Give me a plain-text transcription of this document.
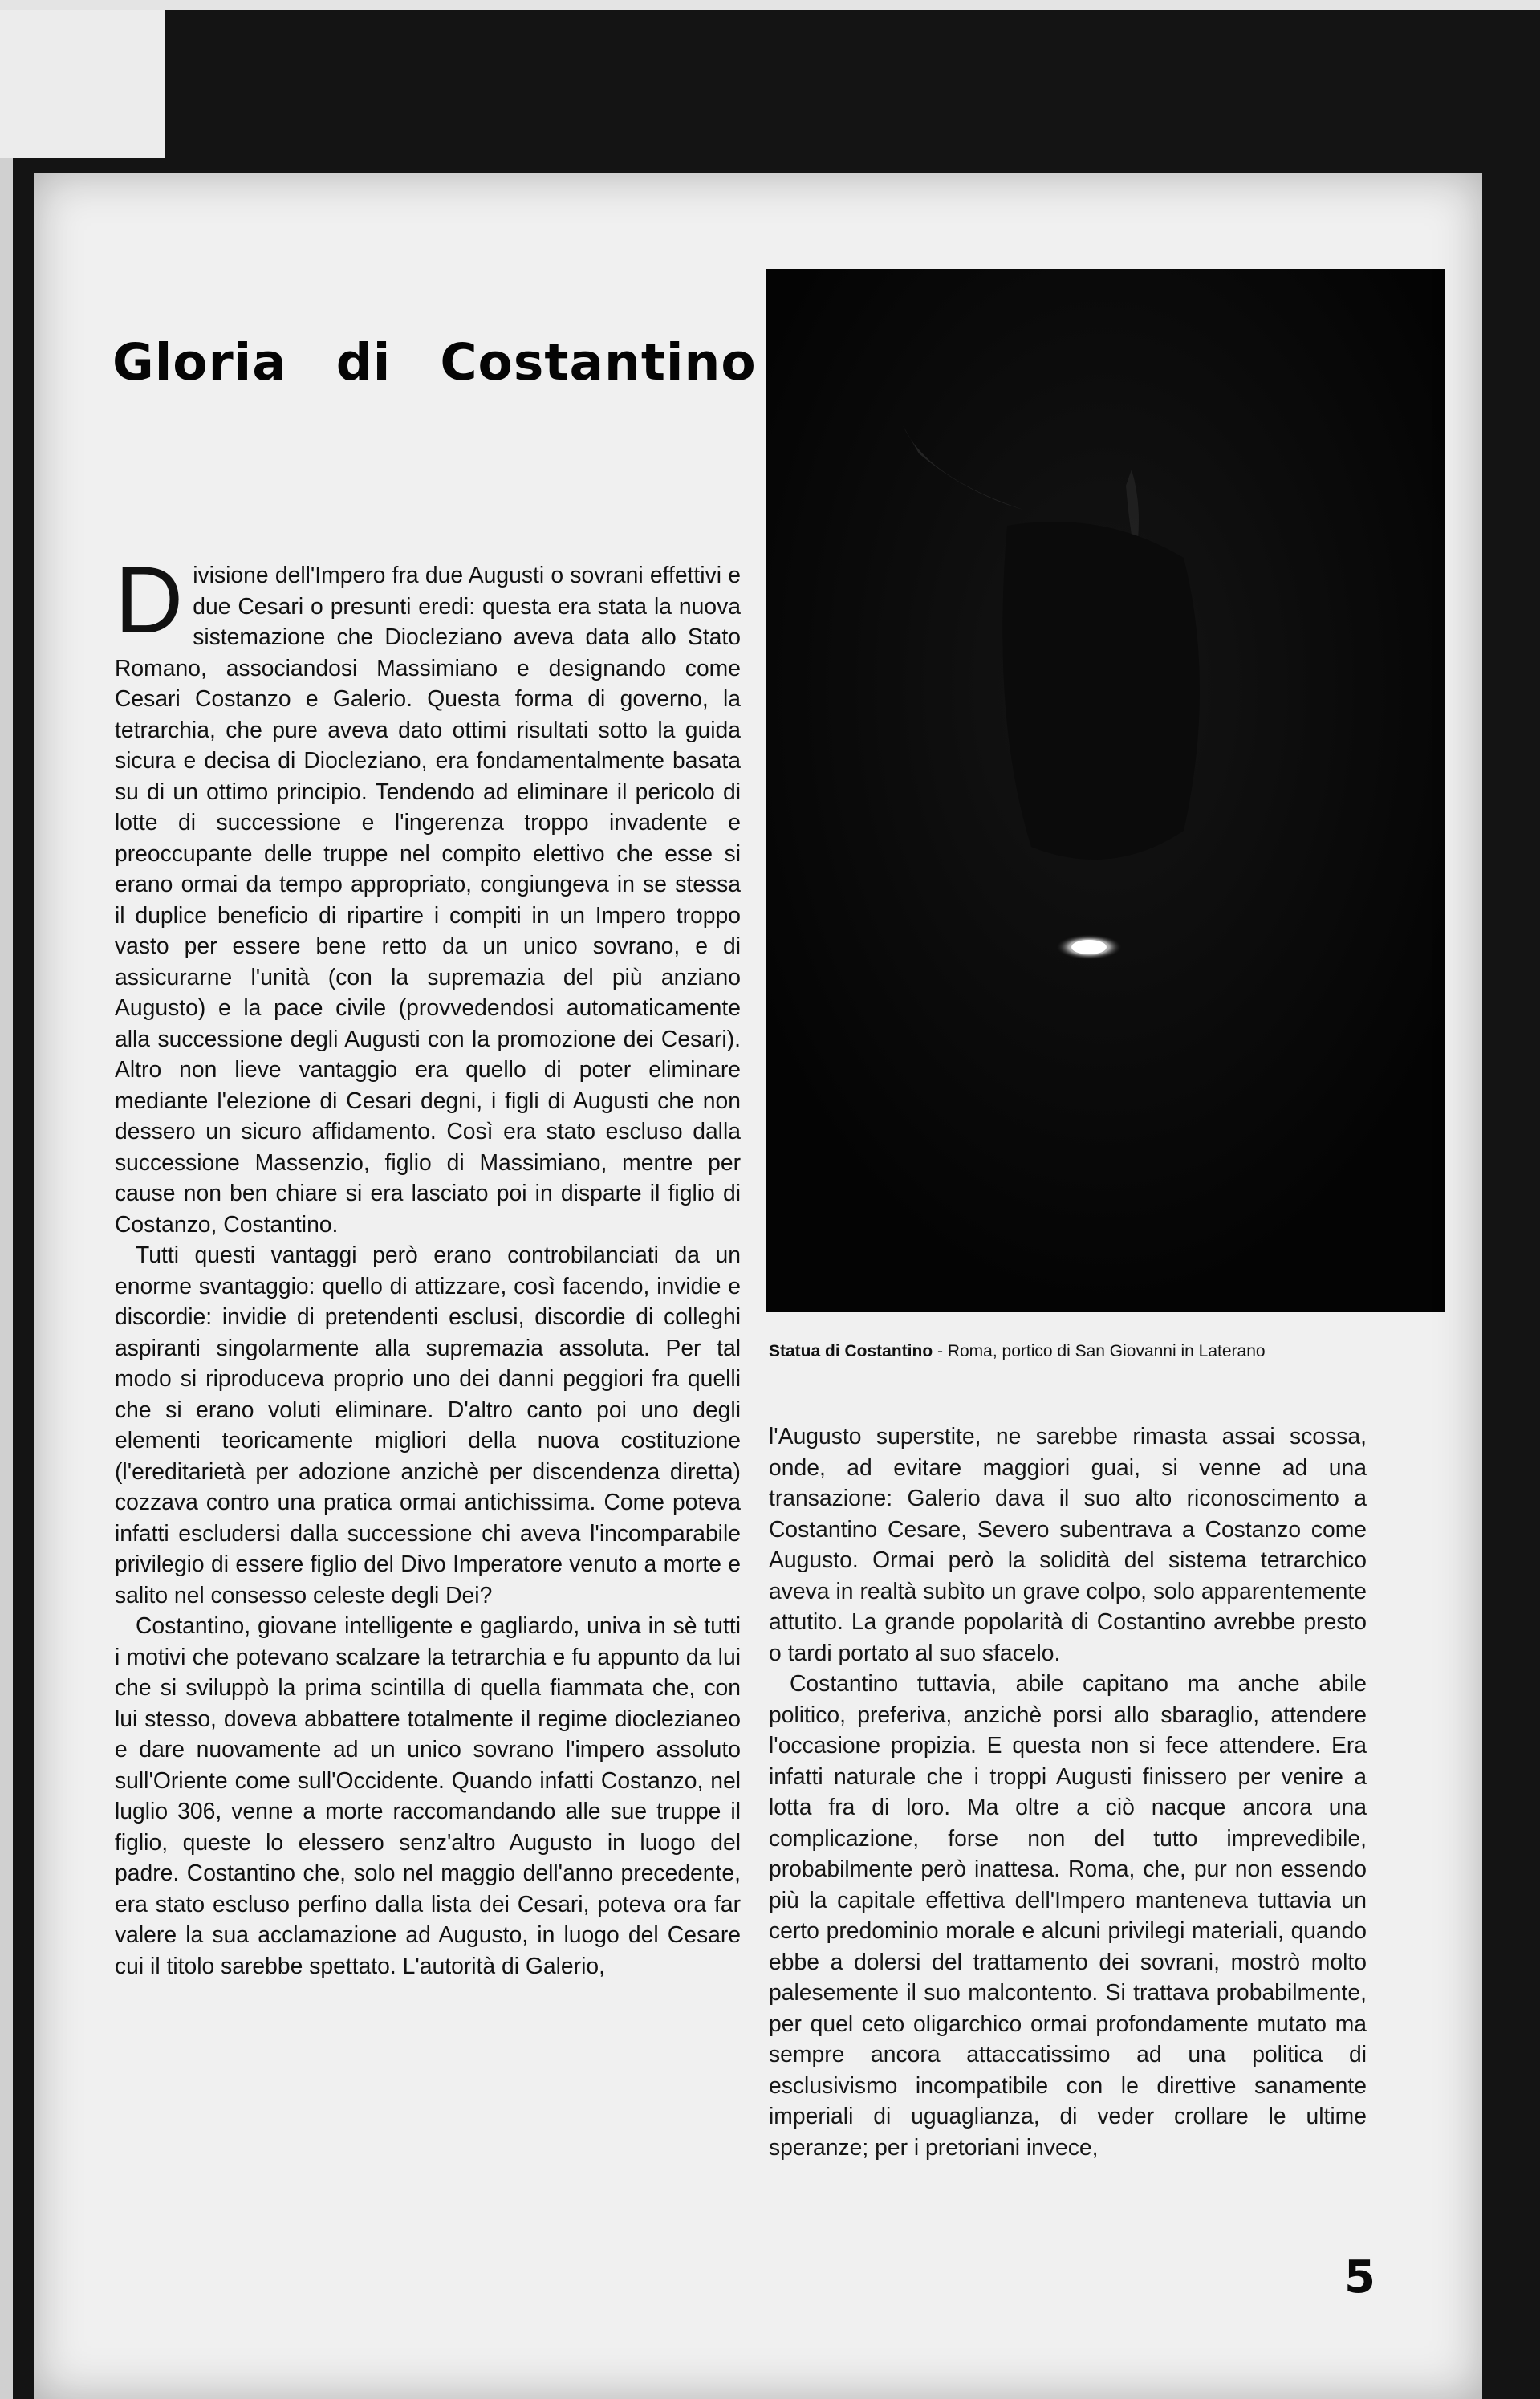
Gloria di Costantino

Divisione dell'Impero fra due Augusti o sovrani effettivi e due Cesari o presunti eredi: questa era stata la nuova sistemazione che Diocleziano aveva data allo Stato Romano, associandosi Massimiano e designando come Cesari Costanzo e Galerio. Questa forma di governo, la tetrarchia, che pure aveva dato ottimi risultati sotto la guida sicura e decisa di Diocleziano, era fondamentalmente basata su di un ottimo principio. Tendendo ad eliminare il pericolo di lotte di successione e l'ingerenza troppo invadente e preoccupante delle truppe nel compito elettivo che esse si erano ormai da tempo appropriato, congiungeva in se stessa il duplice beneficio di ripartire i compiti in un Impero troppo vasto per essere bene retto da un unico sovrano, e di assicurarne l'unità (con la supremazia del più anziano Augusto) e la pace civile (provvedendosi automaticamente alla successione degli Augusti con la promozione dei Cesari). Altro non lieve vantaggio era quello di poter eliminare mediante l'elezione di Cesari degni, i figli di Augusti che non dessero un sicuro affidamento. Così era stato escluso dalla successione Massenzio, figlio di Massimiano, mentre per cause non ben chiare si era lasciato poi in disparte il figlio di Costanzo, Costantino.

Tutti questi vantaggi però erano controbilanciati da un enorme svantaggio: quello di attizzare, così facendo, invidie e discordie: invidie di pretendenti esclusi, discordie di colleghi aspiranti singolarmente alla supremazia assoluta. Per tal modo si riproduceva proprio uno dei danni peggiori fra quelli che si erano voluti eliminare. D'altro canto poi uno degli elementi teoricamente migliori della nuova costituzione (l'ereditarietà per adozione anzichè per discendenza diretta) cozzava contro una pratica ormai antichissima. Come poteva infatti escludersi dalla successione chi aveva l'incomparabile privilegio di essere figlio del Divo Imperatore venuto a morte e salito nel consesso celeste degli Dei?

Costantino, giovane intelligente e gagliardo, univa in sè tutti i motivi che potevano scalzare la tetrarchia e fu appunto da lui che si sviluppò la prima scintilla di quella fiammata che, con lui stesso, doveva abbattere totalmente il regime dioclezianeo e dare nuovamente ad un unico sovrano l'impero assoluto sull'Oriente come sull'Occidente. Quando infatti Costanzo, nel luglio 306, venne a morte raccomandando alle sue truppe il figlio, queste lo elessero senz'altro Augusto in luogo del padre. Costantino che, solo nel maggio dell'anno precedente, era stato escluso perfino dalla lista dei Cesari, poteva ora far valere la sua acclamazione ad Augusto, in luogo del Cesare cui il titolo sarebbe spettato. L'autorità di Galerio,

Statua di Costantino - Roma, portico di San Giovanni in Laterano

l'Augusto superstite, ne sarebbe rimasta assai scossa, onde, ad evitare maggiori guai, si venne ad una transazione: Galerio dava il suo alto riconoscimento a Costantino Cesare, Severo subentrava a Costanzo come Augusto. Ormai però la solidità del sistema tetrarchico aveva in realtà subìto un grave colpo, solo apparentemente attutito. La grande popolarità di Costantino avrebbe presto o tardi portato al suo sfacelo.

Costantino tuttavia, abile capitano ma anche abile politico, preferiva, anzichè porsi allo sbaraglio, attendere l'occasione propizia. E questa non si fece attendere. Era infatti naturale che i troppi Augusti finissero per venire a lotta fra di loro. Ma oltre a ciò nacque ancora una complicazione, forse non del tutto imprevedibile, probabilmente però inattesa. Roma, che, pur non essendo più la capitale effettiva dell'Impero manteneva tuttavia un certo predominio morale e alcuni privilegi materiali, quando ebbe a dolersi del trattamento dei sovrani, mostrò molto palesemente il suo malcontento. Si trattava probabilmente, per quel ceto oligarchico ormai profondamente mutato ma sempre ancora attaccatissimo ad una politica di esclusivismo incompatibile con le direttive sanamente imperiali di uguaglianza, di veder crollare le ultime speranze; per i pretoriani invece,

5
